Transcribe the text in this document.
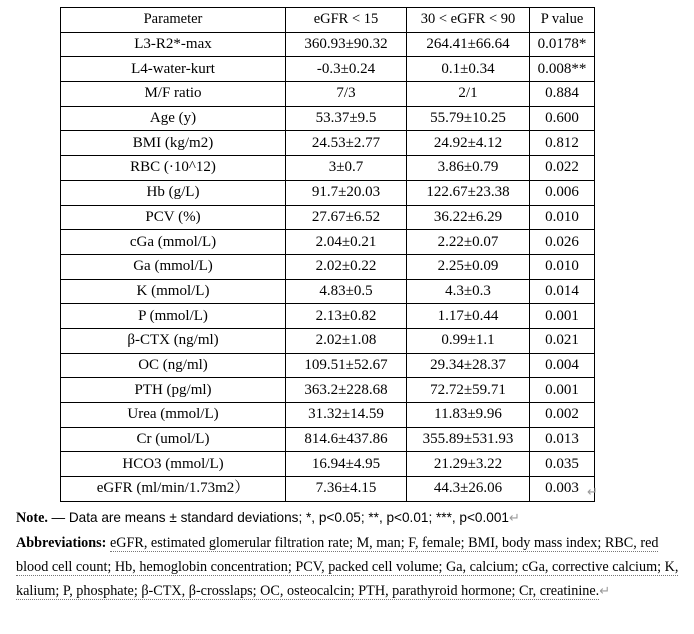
Parameter	eGFR < 15	30 < eGFR < 90	P value
L3-R2*-max	360.93±90.32	264.41±66.64	0.0178*
L4-water-kurt	-0.3±0.24	0.1±0.34	0.008**
M/F ratio	7/3	2/1	0.884
Age (y)	53.37±9.5	55.79±10.25	0.600
BMI (kg/m2)	24.53±2.77	24.92±4.12	0.812
RBC (·10^12)	3±0.7	3.86±0.79	0.022
Hb (g/L)	91.7±20.03	122.67±23.38	0.006
PCV (%)	27.67±6.52	36.22±6.29	0.010
cGa (mmol/L)	2.04±0.21	2.22±0.07	0.026
Ga (mmol/L)	2.02±0.22	2.25±0.09	0.010
K (mmol/L)	4.83±0.5	4.3±0.3	0.014
P (mmol/L)	2.13±0.82	1.17±0.44	0.001
β-CTX (ng/ml)	2.02±1.08	0.99±1.1	0.021
OC (ng/ml)	109.51±52.67	29.34±28.37	0.004
PTH (pg/ml)	363.2±228.68	72.72±59.71	0.001
Urea (mmol/L)	31.32±14.59	11.83±9.96	0.002
Cr (umol/L)	814.6±437.86	355.89±531.93	0.013
HCO3 (mmol/L)	16.94±4.95	21.29±3.22	0.035
eGFR (ml/min/1.73m2）	7.36±4.15	44.3±26.06	0.003 ↵

Note. — Data are means ± standard deviations; *, p<0.05; **, p<0.01; ***, p<0.001↵

Abbreviations: eGFR, estimated glomerular filtration rate; M, man; F, female; BMI, body mass index; RBC, red blood cell count; Hb, hemoglobin concentration; PCV, packed cell volume; Ga, calcium; cGa, corrective calcium; K, kalium; P, phosphate; β-CTX, β-crosslaps; OC, osteocalcin; PTH, parathyroid hormone; Cr, creatinine.↵
